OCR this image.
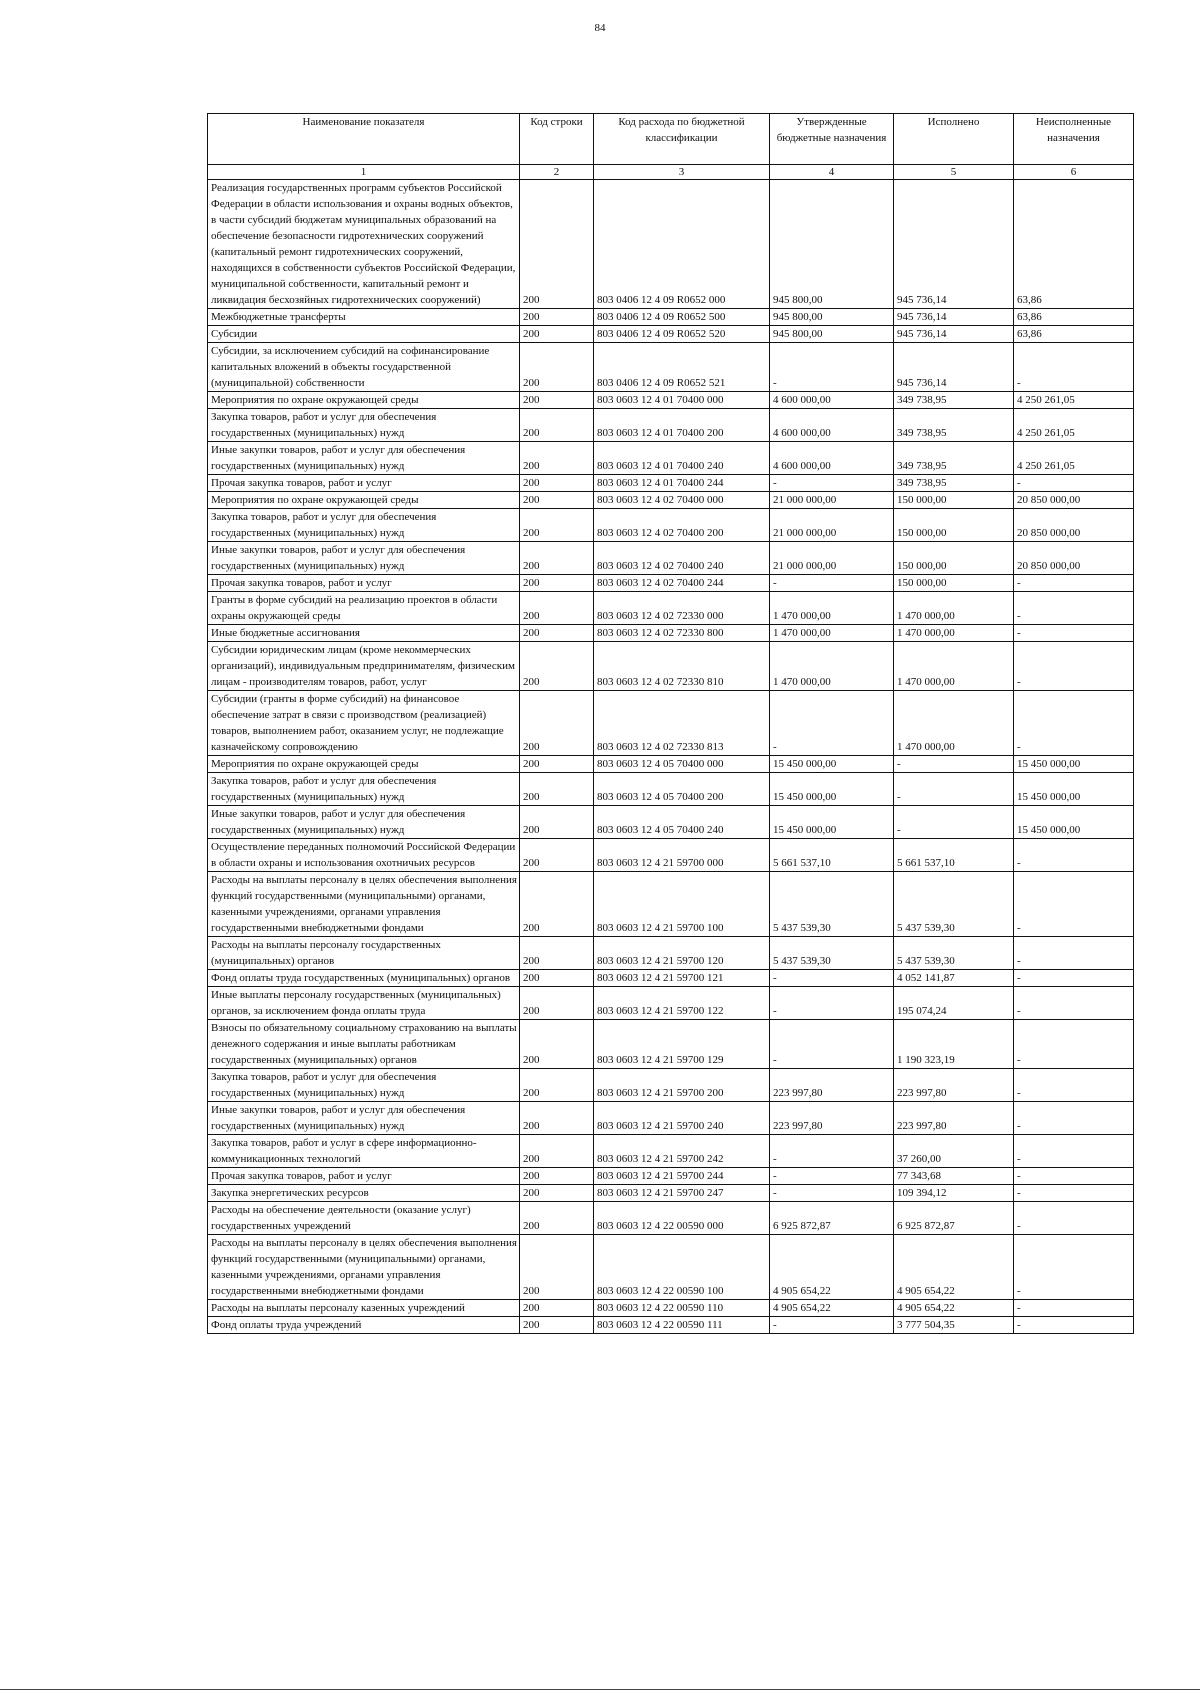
84
Наименование показателя	Код строки	Код расхода по бюджетной классификации	Утвержденные бюджетные назначения	Исполнено	Неисполненные назначения
1	2	3	4	5	6
Реализация государственных программ субъектов Российской Федерации в области использования и охраны водных объектов, в части субсидий бюджетам муниципальных образований на обеспечение безопасности гидротехнических сооружений (капитальный ремонт гидротехнических сооружений, находящихся в собственности субъектов Российской Федерации, муниципальной собственности, капитальный ремонт и ликвидация бесхозяйных гидротехнических сооружений)	200	803 0406 12 4 09 R0652 000	945 800,00	945 736,14	63,86
Межбюджетные трансферты	200	803 0406 12 4 09 R0652 500	945 800,00	945 736,14	63,86
Субсидии	200	803 0406 12 4 09 R0652 520	945 800,00	945 736,14	63,86
Субсидии, за исключением субсидий на софинансирование капитальных вложений в объекты государственной (муниципальной) собственности	200	803 0406 12 4 09 R0652 521	-	945 736,14	-
Мероприятия по охране окружающей среды	200	803 0603 12 4 01 70400 000	4 600 000,00	349 738,95	4 250 261,05
Закупка товаров, работ и услуг для обеспечения государственных (муниципальных) нужд	200	803 0603 12 4 01 70400 200	4 600 000,00	349 738,95	4 250 261,05
Иные закупки товаров, работ и услуг для обеспечения государственных (муниципальных) нужд	200	803 0603 12 4 01 70400 240	4 600 000,00	349 738,95	4 250 261,05
Прочая закупка товаров, работ и услуг	200	803 0603 12 4 01 70400 244	-	349 738,95	-
Мероприятия по охране окружающей среды	200	803 0603 12 4 02 70400 000	21 000 000,00	150 000,00	20 850 000,00
Закупка товаров, работ и услуг для обеспечения государственных (муниципальных) нужд	200	803 0603 12 4 02 70400 200	21 000 000,00	150 000,00	20 850 000,00
Иные закупки товаров, работ и услуг для обеспечения государственных (муниципальных) нужд	200	803 0603 12 4 02 70400 240	21 000 000,00	150 000,00	20 850 000,00
Прочая закупка товаров, работ и услуг	200	803 0603 12 4 02 70400 244	-	150 000,00	-
Гранты в форме субсидий на реализацию проектов в области охраны окружающей среды	200	803 0603 12 4 02 72330 000	1 470 000,00	1 470 000,00	-
Иные бюджетные ассигнования	200	803 0603 12 4 02 72330 800	1 470 000,00	1 470 000,00	-
Субсидии юридическим лицам (кроме некоммерческих организаций), индивидуальным предпринимателям, физическим лицам - производителям товаров, работ, услуг	200	803 0603 12 4 02 72330 810	1 470 000,00	1 470 000,00	-
Субсидии (гранты в форме субсидий) на финансовое обеспечение затрат в связи с производством (реализацией) товаров, выполнением работ, оказанием услуг, не подлежащие казначейскому сопровождению	200	803 0603 12 4 02 72330 813	-	1 470 000,00	-
Мероприятия по охране окружающей среды	200	803 0603 12 4 05 70400 000	15 450 000,00	-	15 450 000,00
Закупка товаров, работ и услуг для обеспечения государственных (муниципальных) нужд	200	803 0603 12 4 05 70400 200	15 450 000,00	-	15 450 000,00
Иные закупки товаров, работ и услуг для обеспечения государственных (муниципальных) нужд	200	803 0603 12 4 05 70400 240	15 450 000,00	-	15 450 000,00
Осуществление переданных полномочий Российской Федерации в области охраны и использования охотничьих ресурсов	200	803 0603 12 4 21 59700 000	5 661 537,10	5 661 537,10	-
Расходы на выплаты персоналу в целях обеспечения выполнения функций государственными (муниципальными) органами, казенными учреждениями, органами управления государственными внебюджетными фондами	200	803 0603 12 4 21 59700 100	5 437 539,30	5 437 539,30	-
Расходы на выплаты персоналу государственных (муниципальных) органов	200	803 0603 12 4 21 59700 120	5 437 539,30	5 437 539,30	-
Фонд оплаты труда государственных (муниципальных) органов	200	803 0603 12 4 21 59700 121	-	4 052 141,87	-
Иные выплаты персоналу государственных (муниципальных) органов, за исключением фонда оплаты труда	200	803 0603 12 4 21 59700 122	-	195 074,24	-
Взносы по обязательному социальному страхованию на выплаты денежного содержания и иные выплаты работникам государственных (муниципальных) органов	200	803 0603 12 4 21 59700 129	-	1 190 323,19	-
Закупка товаров, работ и услуг для обеспечения государственных (муниципальных) нужд	200	803 0603 12 4 21 59700 200	223 997,80	223 997,80	-
Иные закупки товаров, работ и услуг для обеспечения государственных (муниципальных) нужд	200	803 0603 12 4 21 59700 240	223 997,80	223 997,80	-
Закупка товаров, работ и услуг в сфере информационно-коммуникационных технологий	200	803 0603 12 4 21 59700 242	-	37 260,00	-
Прочая закупка товаров, работ и услуг	200	803 0603 12 4 21 59700 244	-	77 343,68	-
Закупка энергетических ресурсов	200	803 0603 12 4 21 59700 247	-	109 394,12	-
Расходы на обеспечение деятельности (оказание услуг) государственных учреждений	200	803 0603 12 4 22 00590 000	6 925 872,87	6 925 872,87	-
Расходы на выплаты персоналу в целях обеспечения выполнения функций государственными (муниципальными) органами, казенными учреждениями, органами управления государственными внебюджетными фондами	200	803 0603 12 4 22 00590 100	4 905 654,22	4 905 654,22	-
Расходы на выплаты персоналу казенных учреждений	200	803 0603 12 4 22 00590 110	4 905 654,22	4 905 654,22	-
Фонд оплаты труда учреждений	200	803 0603 12 4 22 00590 111	-	3 777 504,35	-
